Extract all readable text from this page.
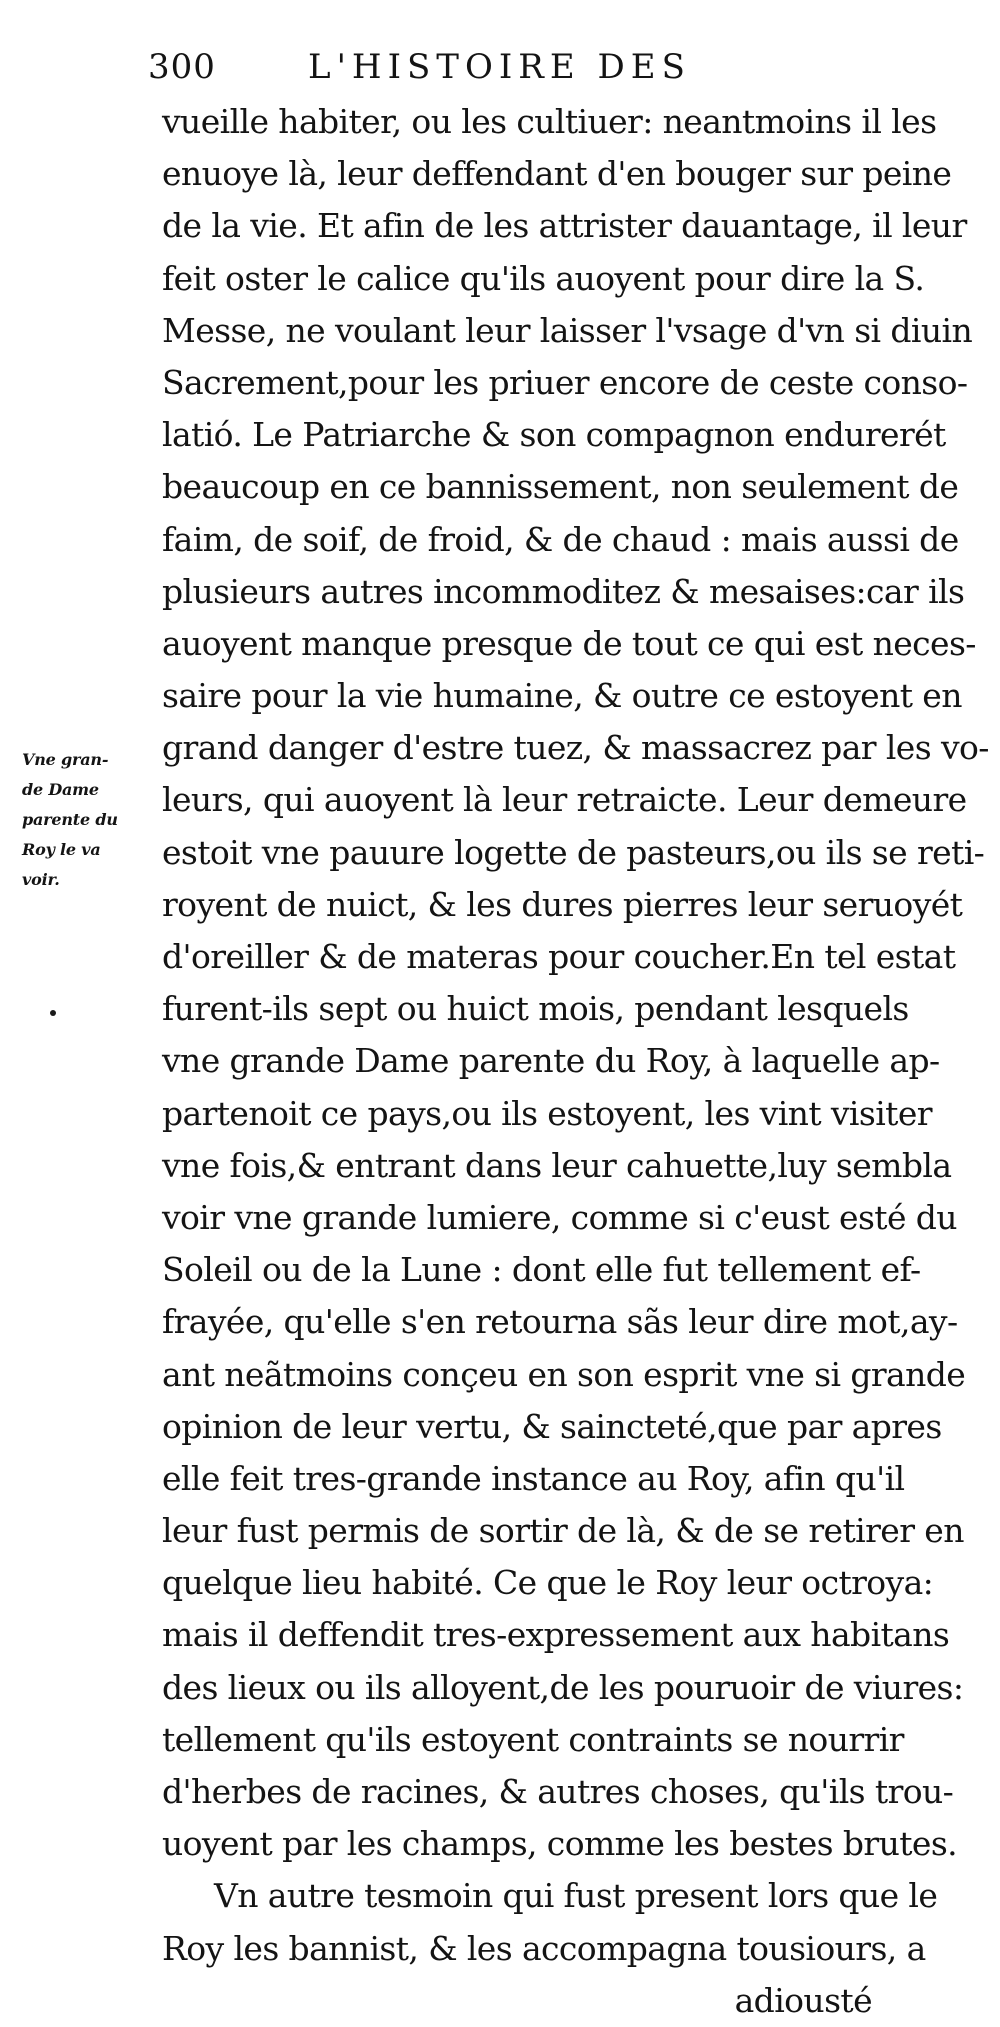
300	L'HISTOIRE DES
vueille habiter, ou les cultiuer: neantmoins il les
enuoye là, leur deffendant d'en bouger sur peine
de la vie. Et afin de les attrister dauantage, il leur
feit oster le calice qu'ils auoyent pour dire la S.
Messe, ne voulant leur laisser l'vsage d'vn si diuin
Sacrement,pour les priuer encore de ceste conso-
latió. Le Patriarche & son compagnon endurerét
beaucoup en ce bannissement, non seulement de
faim, de soif, de froid, & de chaud : mais aussi de
plusieurs autres incommoditez & mesaises:car ils
auoyent manque presque de tout ce qui est neces-
saire pour la vie humaine, & outre ce estoyent en
grand danger d'estre tuez, & massacrez par les vo-
leurs, qui auoyent là leur retraicte. Leur demeure
estoit vne pauure logette de pasteurs,ou ils se reti-
royent de nuict, & les dures pierres leur seruoyét
d'oreiller & de materas pour coucher.En tel estat
furent-ils sept ou huict mois, pendant lesquels
vne grande Dame parente du Roy, à laquelle ap-
partenoit ce pays,ou ils estoyent, les vint visiter
vne fois,& entrant dans leur cahuette,luy sembla
voir vne grande lumiere, comme si c'eust esté du
Soleil ou de la Lune : dont elle fut tellement ef-
frayée, qu'elle s'en retourna sãs leur dire mot,ay-
ant neãtmoins conçeu en son esprit vne si grande
opinion de leur vertu, & saincteté,que par apres
elle feit tres-grande instance au Roy, afin qu'il
leur fust permis de sortir de là, & de se retirer en
quelque lieu habité. Ce que le Roy leur octroya:
mais il deffendit tres-expressement aux habitans
des lieux ou ils alloyent,de les pouruoir de viures:
tellement qu'ils estoyent contraints se nourrir
d'herbes de racines, & autres choses, qu'ils trou-
uoyent par les champs, comme les bestes brutes.
Vn autre tesmoin qui fust present lors que le
Roy les bannist, & les accompagna tousiours, a
adiousté
Vne gran-
de Dame
parente du
Roy le va
voir.
